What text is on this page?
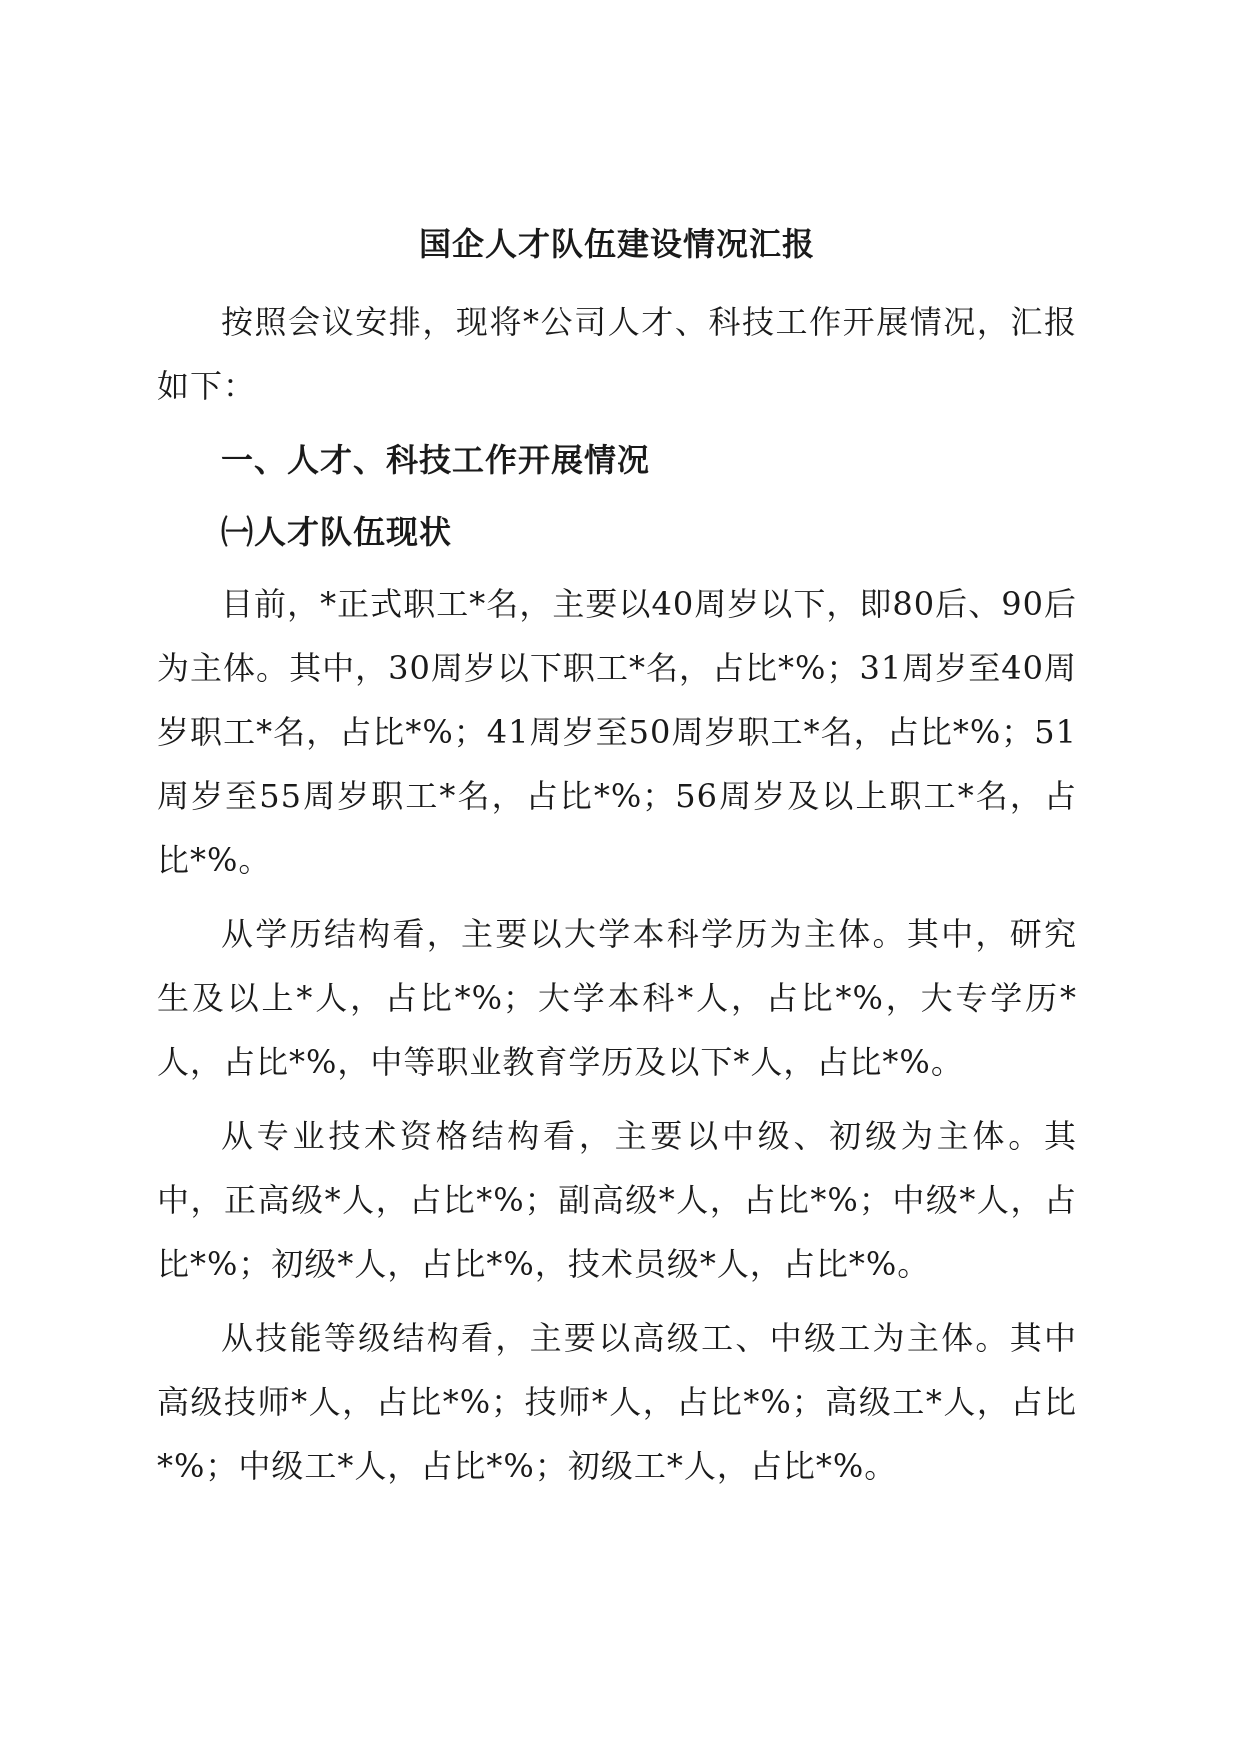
国企人才队伍建设情况汇报

按照会议安排，现将*公司人才、科技工作开展情况，汇报如下：

一、人才、科技工作开展情况
㈠人才队伍现状

目前，*正式职工*名，主要以40周岁以下，即80后、90后为主体。其中，30周岁以下职工*名，占比*%；31周岁至40周岁职工*名，占比*%；41周岁至50周岁职工*名，占比*%；51周岁至55周岁职工*名，占比*%；56周岁及以上职工*名，占比*%。

从学历结构看，主要以大学本科学历为主体。其中，研究生及以上*人，占比*%；大学本科*人，占比*%，大专学历*人，占比*%，中等职业教育学历及以下*人，占比*%。

从专业技术资格结构看，主要以中级、初级为主体。其中，正高级*人，占比*%；副高级*人，占比*%；中级*人，占比*%；初级*人，占比*%，技术员级*人，占比*%。

从技能等级结构看，主要以高级工、中级工为主体。其中高级技师*人，占比*%；技师*人，占比*%；高级工*人，占比*%；中级工*人，占比*%；初级工*人，占比*%。
